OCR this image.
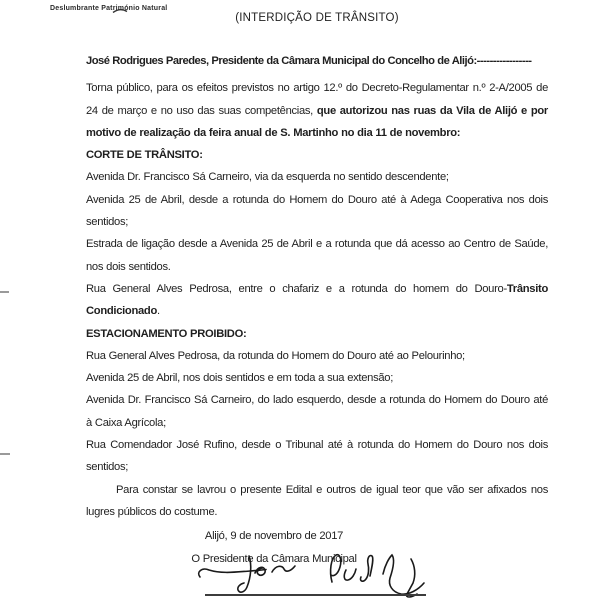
Deslumbrante Património Natural

(INTERDIÇÃO DE TRÂNSITO)

José Rodrigues Paredes, Presidente da Câmara Municipal do Concelho de Alijó:-----------------

Torna público, para os efeitos previstos no artigo 12.º do Decreto-Regulamentar n.º 2-A/2005 de 24 de março e no uso das suas competências, que autorizou nas ruas da Vila de Alijó e por motivo de realização da feira anual de S. Martinho no dia 11 de novembro:

CORTE DE TRÂNSITO:

Avenida Dr. Francisco Sá Carneiro, via da esquerda no sentido descendente;

Avenida 25 de Abril, desde a rotunda do Homem do Douro até à Adega Cooperativa nos dois sentidos;

Estrada de ligação desde a Avenida 25 de Abril e a rotunda que dá acesso ao Centro de Saúde, nos dois sentidos.

Rua General Alves Pedrosa, entre o chafariz e a rotunda do homem do Douro-Trânsito Condicionado.

ESTACIONAMENTO PROIBIDO:

Rua General Alves Pedrosa, da rotunda do Homem do Douro até ao Pelourinho;

Avenida 25 de Abril, nos dois sentidos e em toda a sua extensão;

Avenida Dr. Francisco Sá Carneiro, do lado esquerdo, desde a rotunda do Homem do Douro até à Caixa Agrícola;

Rua Comendador José Rufino, desde o Tribunal até à rotunda do Homem do Douro nos dois sentidos;

Para constar se lavrou o presente Edital e outros de igual teor que vão ser afixados nos lugres públicos do costume.

Alijó, 9 de novembro de 2017

O Presidente da Câmara Municipal
